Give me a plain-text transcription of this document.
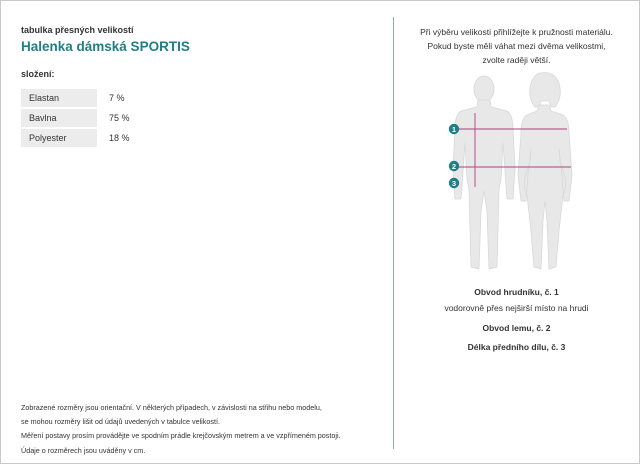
tabulka přesných velikostí
Halenka dámská SPORTIS
složení:
Elastan	7 %
Bavlna	75 %
Polyester	18 %
Zobrazené rozměry jsou orientační. V některých případech, v závislosti na střihu nebo modelu,
se mohou rozměry lišit od údajů uvedených v tabulce velikostí.
Měření postavy prosím provádějte ve spodním prádle krejčovským metrem a ve vzpřímeném postoji.
Údaje o rozměrech jsou uváděny v cm.
Při výběru velikosti přihlížejte k pružnosti materiálu.
Pokud byste měli váhat mezi dvěma velikostmi,
zvolte raději větší.
1
2
3
Obvod hrudníku, č. 1
vodorovně přes nejširší místo na hrudi
Obvod lemu, č. 2
Délka předního dílu, č. 3
